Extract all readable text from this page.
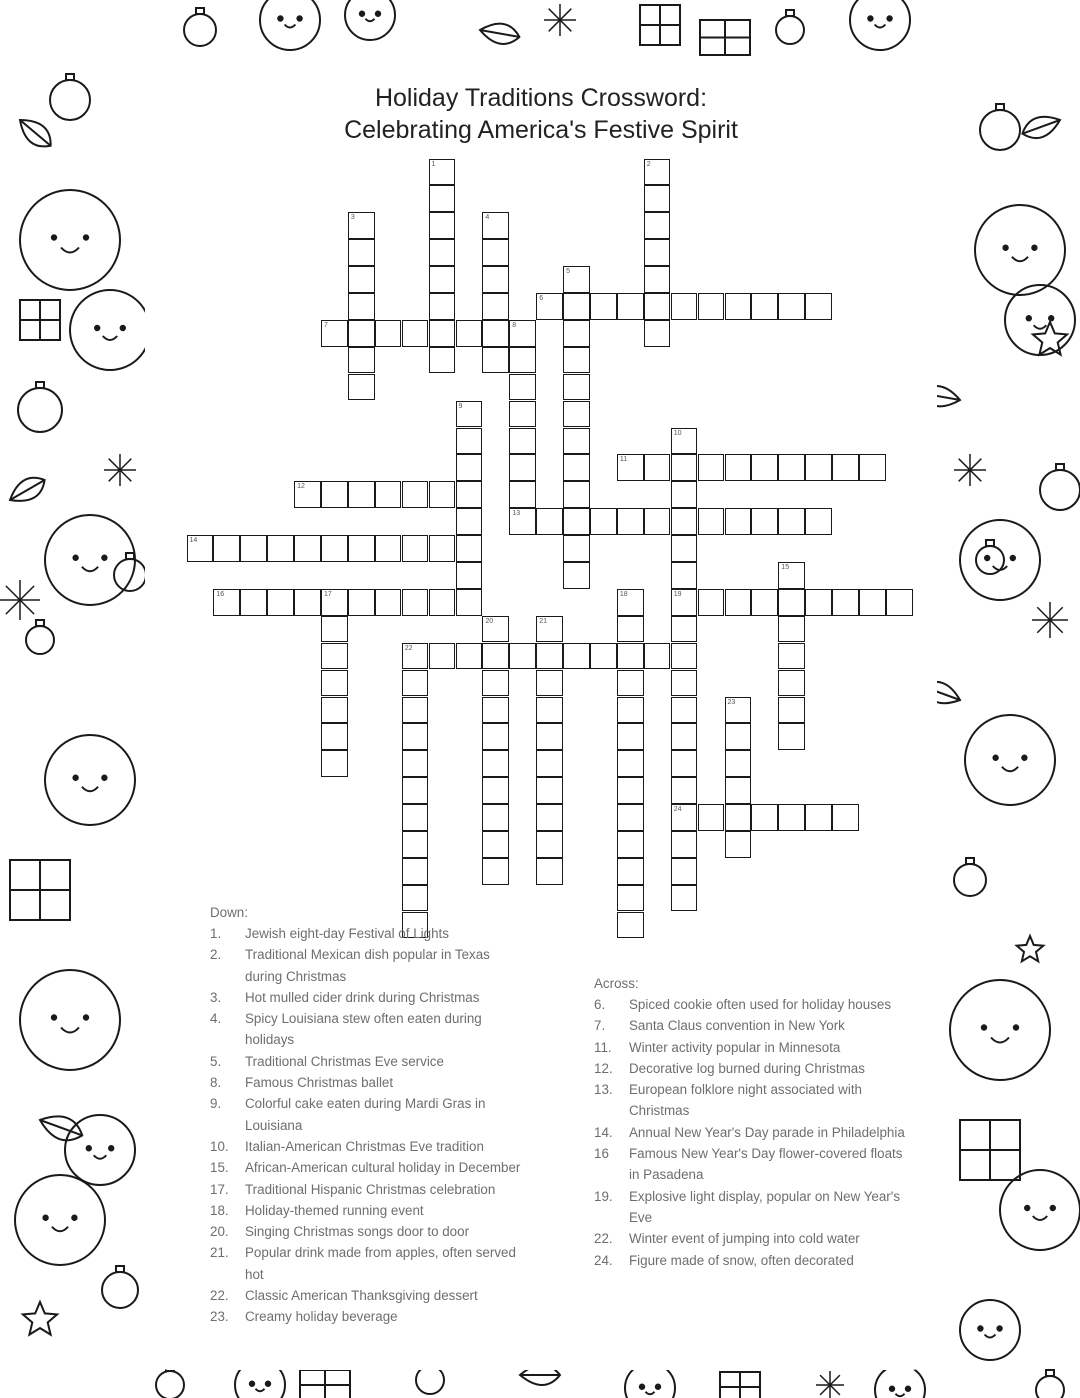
Holiday Traditions Crossword:
Celebrating America's Festive Spirit
1	2
3	4
5
6
7	8
9
10
19
24
11
12
13
14
15
16	17	18
20	21
22
23
Down:
1. Jewish eight-day Festival of Lights
2. Traditional Mexican dish popular in Texas during Christmas
3. Hot mulled cider drink during Christmas
4. Spicy Louisiana stew often eaten during holidays
5. Traditional Christmas Eve service
8. Famous Christmas ballet
9. Colorful cake eaten during Mardi Gras in Louisiana
10. Italian-American Christmas Eve tradition
15. African-American cultural holiday in December
17. Traditional Hispanic Christmas celebration
18. Holiday-themed running event
20. Singing Christmas songs door to door
21. Popular drink made from apples, often served hot
22. Classic American Thanksgiving dessert
23. Creamy holiday beverage
Across:
6. Spiced cookie often used for holiday houses
7. Santa Claus convention in New York
11. Winter activity popular in Minnesota
12. Decorative log burned during Christmas
13. European folklore night associated with Christmas
14. Annual New Year's Day parade in Philadelphia
16 Famous New Year's Day flower-covered floats in Pasadena
19. Explosive light display, popular on New Year's Eve
22. Winter event of jumping into cold water
24. Figure made of snow, often decorated
